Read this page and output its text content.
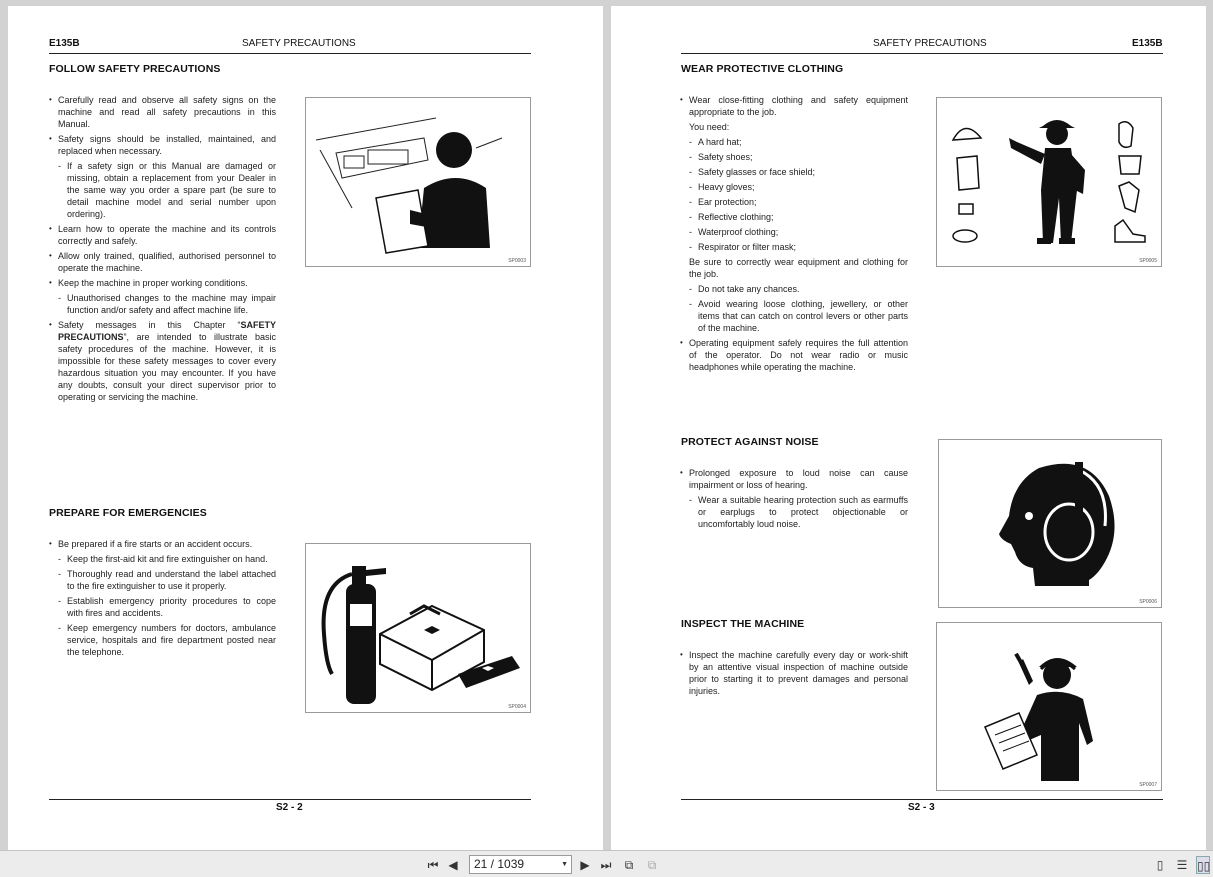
E135B	SAFETY PRECAUTIONS
FOLLOW SAFETY PRECAUTIONS
• Carefully read and observe all safety signs on the machine and read all safety precautions in this Manual.
• Safety signs should be installed, maintained, and replaced when necessary.
- If a safety sign or this Manual are damaged or missing, obtain a replacement from your Dealer in the same way you order a spare part (be sure to detail machine model and serial number upon ordering).
• Learn how to operate the machine and its controls correctly and safely.
• Allow only trained, qualified, authorised personnel to operate the machine.
• Keep the machine in proper working conditions.
- Unauthorised changes to the machine may impair function and/or safety and affect machine life.
• Safety messages in this Chapter “SAFETY PRECAUTIONS”, are intended to illustrate basic safety procedures of the machine. However, it is impossible for these safety messages to cover every hazardous situation you may encounter. If you have any doubts, consult your direct supervisor prior to operating or servicing the machine.
SP0003
PREPARE FOR EMERGENCIES
• Be prepared if a fire starts or an accident occurs.
- Keep the first-aid kit and fire extinguisher on hand.
- Thoroughly read and understand the label attached to the fire extinguisher to use it properly.
- Establish emergency priority procedures to cope with fires and accidents.
- Keep emergency numbers for doctors, ambulance service, hospitals and fire department posted near the telephone.
SP0004
S2 - 2
SAFETY PRECAUTIONS	E135B
WEAR PROTECTIVE CLOTHING
• Wear close-fitting clothing and safety equipment appropriate to the job.
You need:
- A hard hat;
- Safety shoes;
- Safety glasses or face shield;
- Heavy gloves;
- Ear protection;
- Reflective clothing;
- Waterproof clothing;
- Respirator or filter mask;
Be sure to correctly wear equipment and clothing for the job.
- Do not take any chances.
- Avoid wearing loose clothing, jewellery, or other items that can catch on control levers or other parts of the machine.
• Operating equipment safely requires the full attention of the operator. Do not wear radio or music headphones while operating the machine.
SP0005
PROTECT AGAINST NOISE
• Prolonged exposure to loud noise can cause impairment or loss of hearing.
- Wear a suitable hearing protection such as earmuffs or earplugs to protect objectionable or uncomfortably loud noise.
SP0006
INSPECT THE MACHINE
• Inspect the machine carefully every day or work-shift by an attentive visual inspection of machine outside prior to starting it to prevent damages and personal injuries.
SP0007
S2 - 3
⏮ ◀	21 / 1039	▼ ▶ ⏭	⧉	⧉	▯	☰ ▯▯
